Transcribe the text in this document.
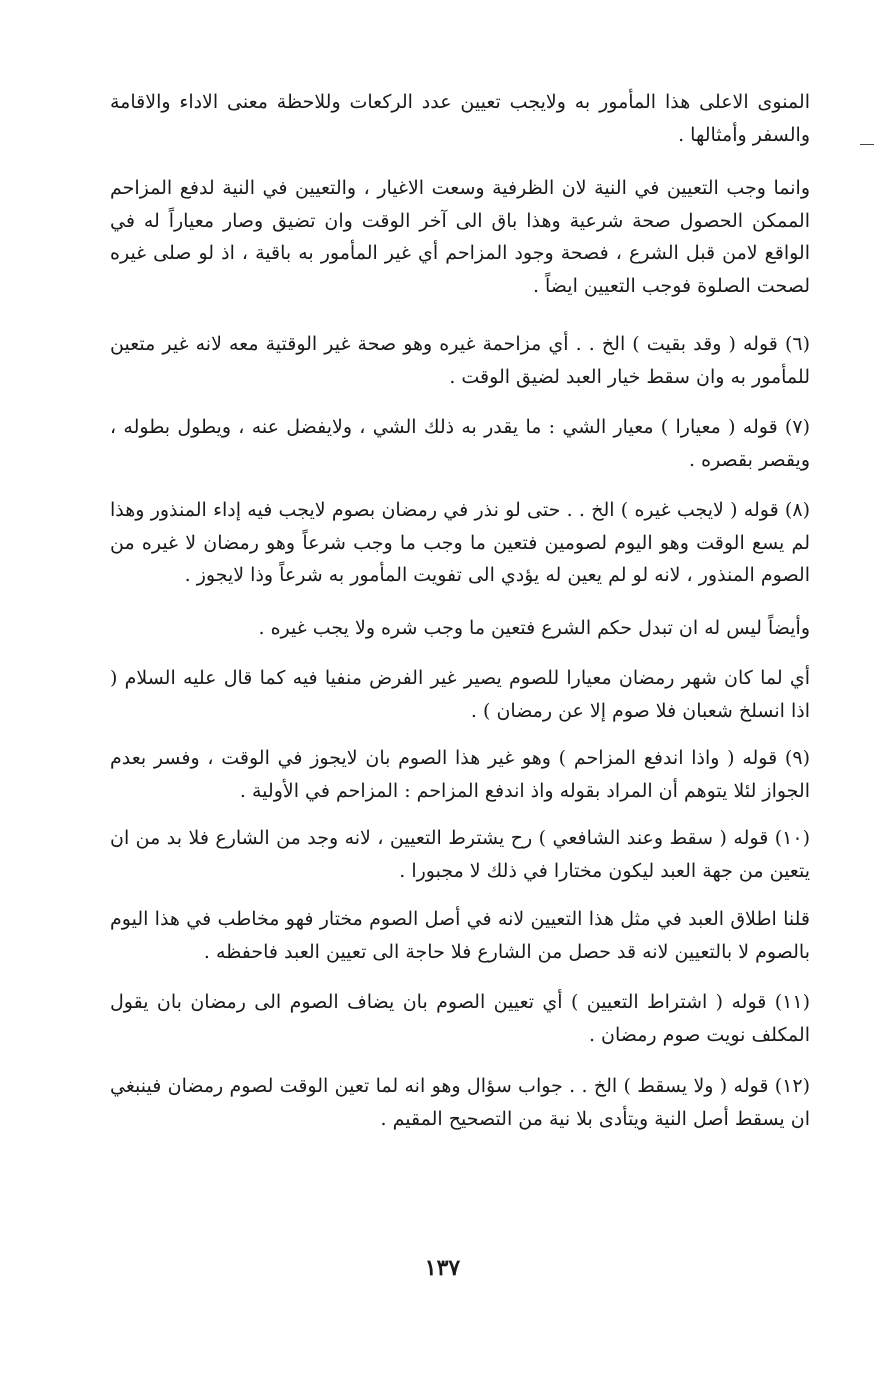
المنوى الاعلى هذا المأمور به ولايجب تعيين عدد الركعات وللاحظة معنى الاداء والاقامة والسفر وأمثالها .

وانما وجب التعيين في النية لان الظرفية وسعت الاغيار ، والتعيين في النية لدفع المزاحم الممكن الحصول صحة شرعية وهذا باق الى آخر الوقت وان تضيق وصار معياراً له في الواقع لامن قبل الشرع ، فصحة وجود المزاحم أي غير المأمور به باقية ، اذ لو صلى غيره لصحت الصلوة فوجب التعيين ايضاً .

(٦) قوله ( وقد بقيت ) الخ . . أي مزاحمة غيره وهو صحة غير الوقتية معه لانه غير متعين للمأمور به وان سقط خيار العبد لضيق الوقت .

(٧) قوله ( معيارا ) معيار الشي : ما يقدر به ذلك الشي ، ولايفضل عنه ، ويطول بطوله ، ويقصر بقصره .

(٨) قوله ( لايجب غيره ) الخ . . حتى لو نذر في رمضان بصوم لايجب فيه إداء المنذور وهذا لم يسع الوقت وهو اليوم لصومين فتعين ما وجب ما وجب شرعاً وهو رمضان لا غيره من الصوم المنذور ، لانه لو لم يعين له يؤدي الى تفويت المأمور به شرعاً وذا لايجوز .

وأيضاً ليس له ان تبدل حكم الشرع فتعين ما وجب شره ولا يجب غيره .

أي لما كان شهر رمضان معيارا للصوم يصير غير الفرض منفيا فيه كما قال عليه السلام ( اذا انسلخ شعبان فلا صوم إلا عن رمضان ) .

(٩) قوله ( واذا اندفع المزاحم ) وهو غير هذا الصوم بان لايجوز في الوقت ، وفسر بعدم الجواز لئلا يتوهم أن المراد بقوله واذ اندفع المزاحم : المزاحم في الأولية .

(١٠) قوله ( سقط وعند الشافعي ) رح يشترط التعيين ، لانه وجد من الشارع فلا بد من ان يتعين من جهة العبد ليكون مختارا في ذلك لا مجبورا .

قلنا اطلاق العبد في مثل هذا التعيين لانه في أصل الصوم مختار فهو مخاطب في هذا اليوم بالصوم لا بالتعيين لانه قد حصل من الشارع فلا حاجة الى تعيين العبد فاحفظه .

(١١) قوله ( اشتراط التعيين ) أي تعيين الصوم بان يضاف الصوم الى رمضان بان يقول المكلف نويت صوم رمضان .

(١٢) قوله ( ولا يسقط ) الخ . . جواب سؤال وهو انه لما تعين الوقت لصوم رمضان فينبغي ان يسقط أصل النية ويتأدى بلا نية من التصحيح المقيم .

١٣٧
